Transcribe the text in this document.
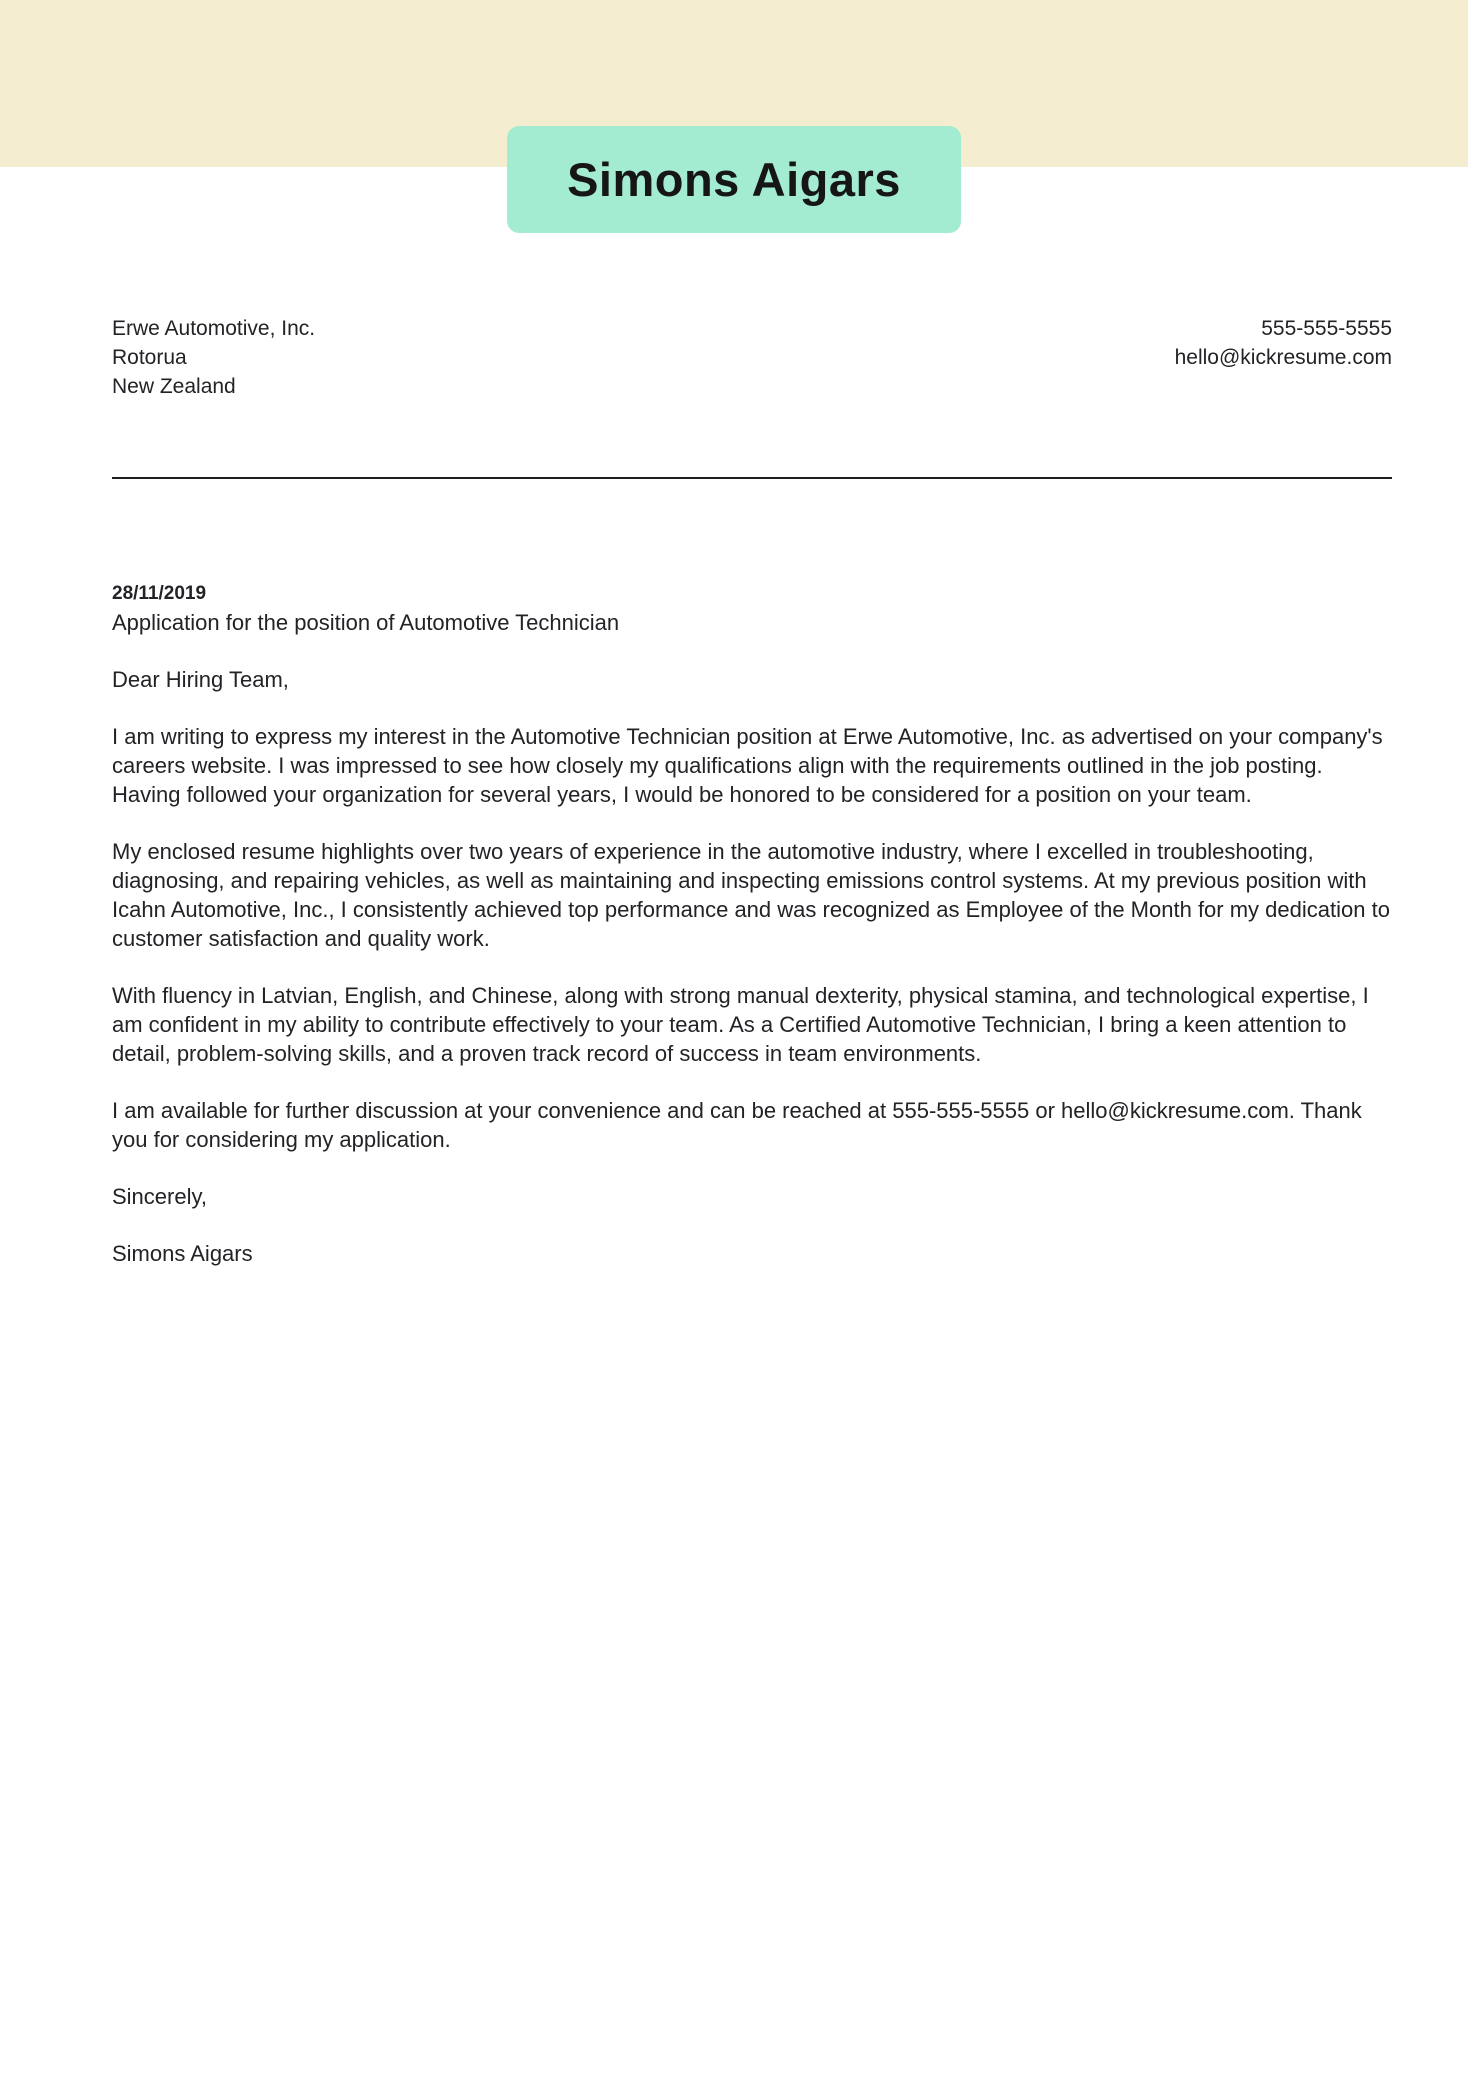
Simons Aigars
Erwe Automotive, Inc.
Rotorua
New Zealand
555-555-5555
hello@kickresume.com
28/11/2019
Application for the position of Automotive Technician

Dear Hiring Team,

I am writing to express my interest in the Automotive Technician position at Erwe Automotive, Inc. as advertised on your company's careers website. I was impressed to see how closely my qualifications align with the requirements outlined in the job posting. Having followed your organization for several years, I would be honored to be considered for a position on your team.

My enclosed resume highlights over two years of experience in the automotive industry, where I excelled in troubleshooting, diagnosing, and repairing vehicles, as well as maintaining and inspecting emissions control systems. At my previous position with Icahn Automotive, Inc., I consistently achieved top performance and was recognized as Employee of the Month for my dedication to customer satisfaction and quality work.

With fluency in Latvian, English, and Chinese, along with strong manual dexterity, physical stamina, and technological expertise, I am confident in my ability to contribute effectively to your team. As a Certified Automotive Technician, I bring a keen attention to detail, problem-solving skills, and a proven track record of success in team environments.

I am available for further discussion at your convenience and can be reached at 555-555-5555 or hello@kickresume.com. Thank you for considering my application.

Sincerely,

Simons Aigars
